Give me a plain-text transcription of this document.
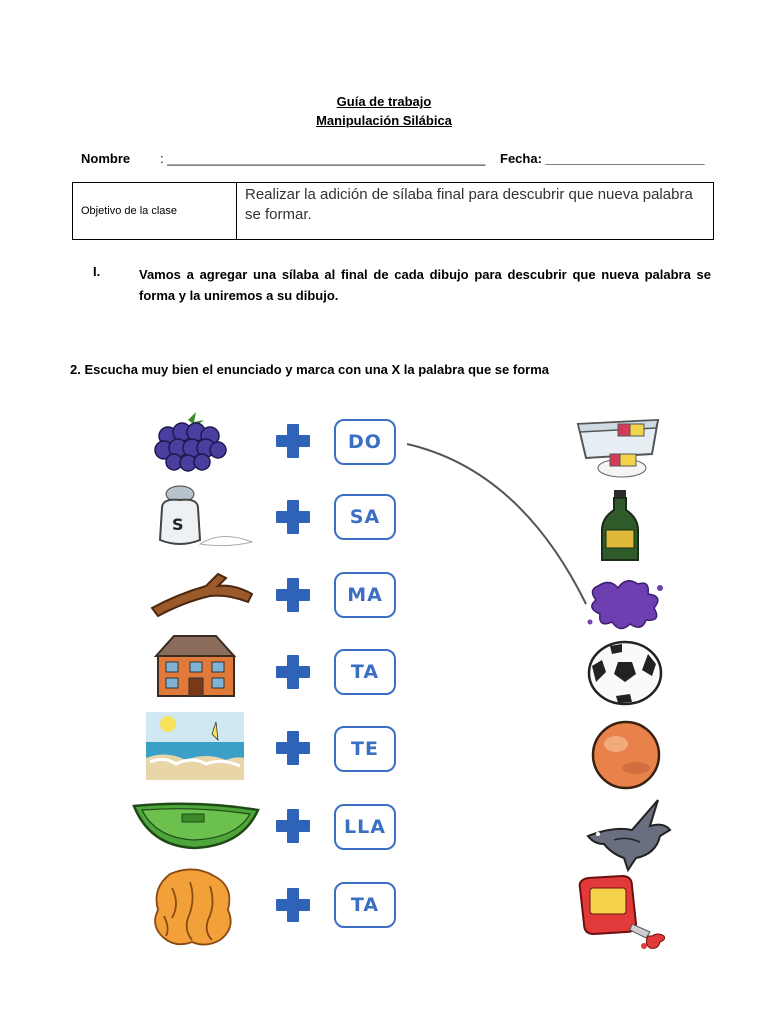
Guía de trabajo
Manipulación Silábica
Nombre : ____________________________________________ Fecha: ______________________
Objetivo de la clase
Realizar la adición de sílaba final para descubrir que nueva palabra se formar.
I.	Vamos a agregar una sílaba al final de cada dibujo para descubrir que nueva palabra se forma y la uniremos a su dibujo.
2. Escucha muy bien el enunciado y marca con una X la palabra que se forma
DO
S	SA
MA
TA
TE
LLA
TA
